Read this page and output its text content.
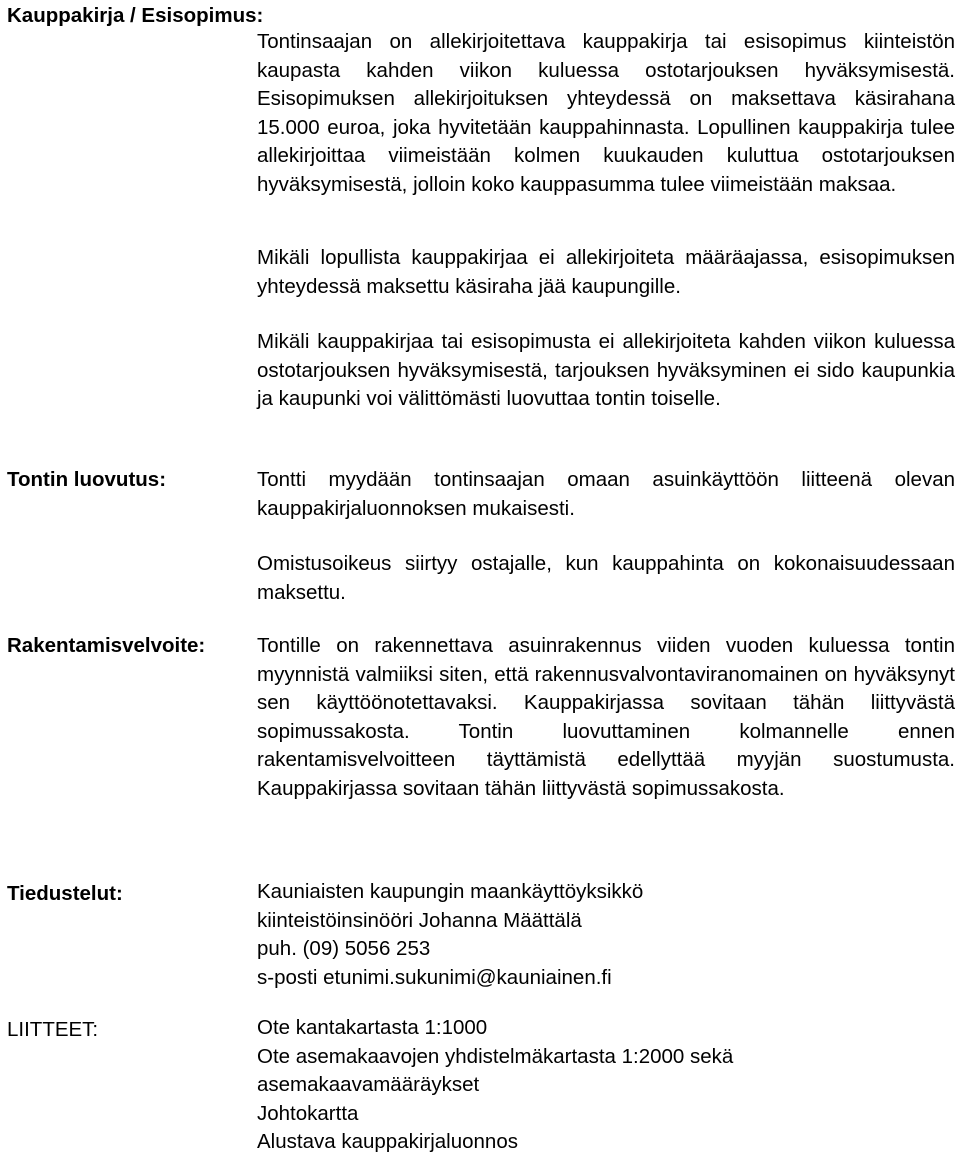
Kauppakirja / Esisopimus:

Tontinsaajan on allekirjoitettava kauppakirja tai esisopimus kiinteistön kaupasta kahden viikon kuluessa ostotarjouksen hyväksymisestä. Esisopimuksen allekirjoituksen yhteydessä on maksettava käsirahana 15.000 euroa, joka hyvitetään kauppahinnasta. Lopullinen kauppakirja tulee allekirjoittaa viimeistään kolmen kuukauden kuluttua ostotarjouksen hyväksymisestä, jolloin koko kauppasumma tulee viimeistään maksaa.

Mikäli lopullista kauppakirjaa ei allekirjoiteta määräajassa, esisopimuksen yhteydessä maksettu käsiraha jää kaupungille.

Mikäli kauppakirjaa tai esisopimusta ei allekirjoiteta kahden viikon kuluessa ostotarjouksen hyväksymisestä, tarjouksen hyväksyminen ei sido kaupunkia ja kaupunki voi välittömästi luovuttaa tontin toiselle.

Tontin luovutus:	Tontti myydään tontinsaajan omaan asuinkäyttöön liitteenä olevan kauppakirjaluonnoksen mukaisesti.

Omistusoikeus siirtyy ostajalle, kun kauppahinta on kokonaisuudessaan maksettu.

Rakentamisvelvoite:	Tontille on rakennettava asuinrakennus viiden vuoden kuluessa tontin myynnistä valmiiksi siten, että rakennusvalvontaviranomainen on hyväksynyt sen käyttöönotettavaksi. Kauppakirjassa sovitaan tähän liittyvästä sopimussakosta. Tontin luovuttaminen kolmannelle ennen rakentamisvelvoitteen täyttämistä edellyttää myyjän suostumusta. Kauppakirjassa sovitaan tähän liittyvästä sopimussakosta.

Tiedustelut:	Kauniaisten kaupungin maankäyttöyksikkö
kiinteistöinsinööri Johanna Määttälä
puh. (09) 5056 253
s-posti etunimi.sukunimi@kauniainen.fi
LIITTEET:	Ote kantakartasta 1:1000
Ote asemakaavojen yhdistelmäkartasta 1:2000 sekä
asemakaavamääräykset
Johtokartta
Alustava kauppakirjaluonnos
